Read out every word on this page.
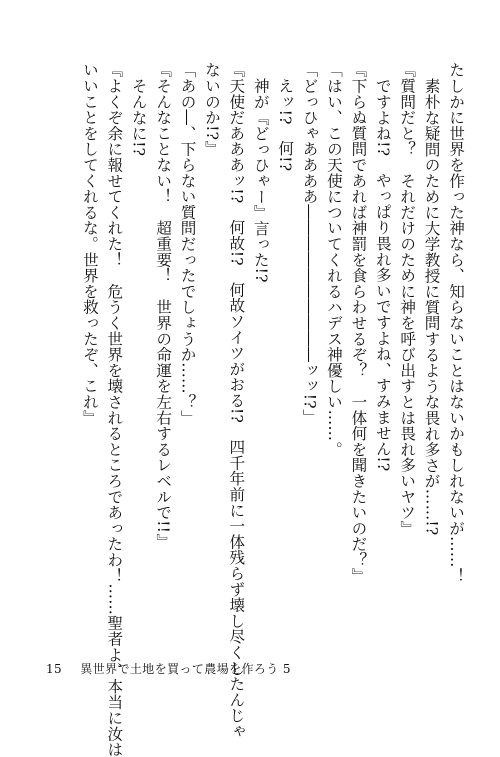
たしかに世界を作った神なら、知らないことはないかもしれないが……！

素朴な疑問のために大学教授に質問するような畏れ多さが……!?

『質問だと？　それだけのために神を呼び出すとは畏れ多いヤツ』

ですよね!?　やっぱり畏れ多いですよね、すみません!?

『下らぬ質問であれば神罰を食らわせるぞ？　一体何を聞きたいのだ？』

「はい、この天使についてくれるハデス神優しい……。

「どっひゃああああ――――――――――ッッ!?」

えッ!?　何!?

神が『どっひゃー』言った!?

『天使だあああッ!?　何故!?　何故ソイツがおる!?　四千年前に一体残らず壊し尽くしたんじゃ

ないのか!?』

「あの―、下らない質問だったでしょうか……？」

『そんなことない！　超重要！　世界の命運を左右するレベルで!!』

そんなに!?

『よくぞ余に報せてくれた！　危うく世界を壊されるところであったわ！……聖者よ、本当に汝は

いいことをしてくれるな。世界を救ったぞ、これ』

15 異世界で土地を買って農場を作ろう 5
